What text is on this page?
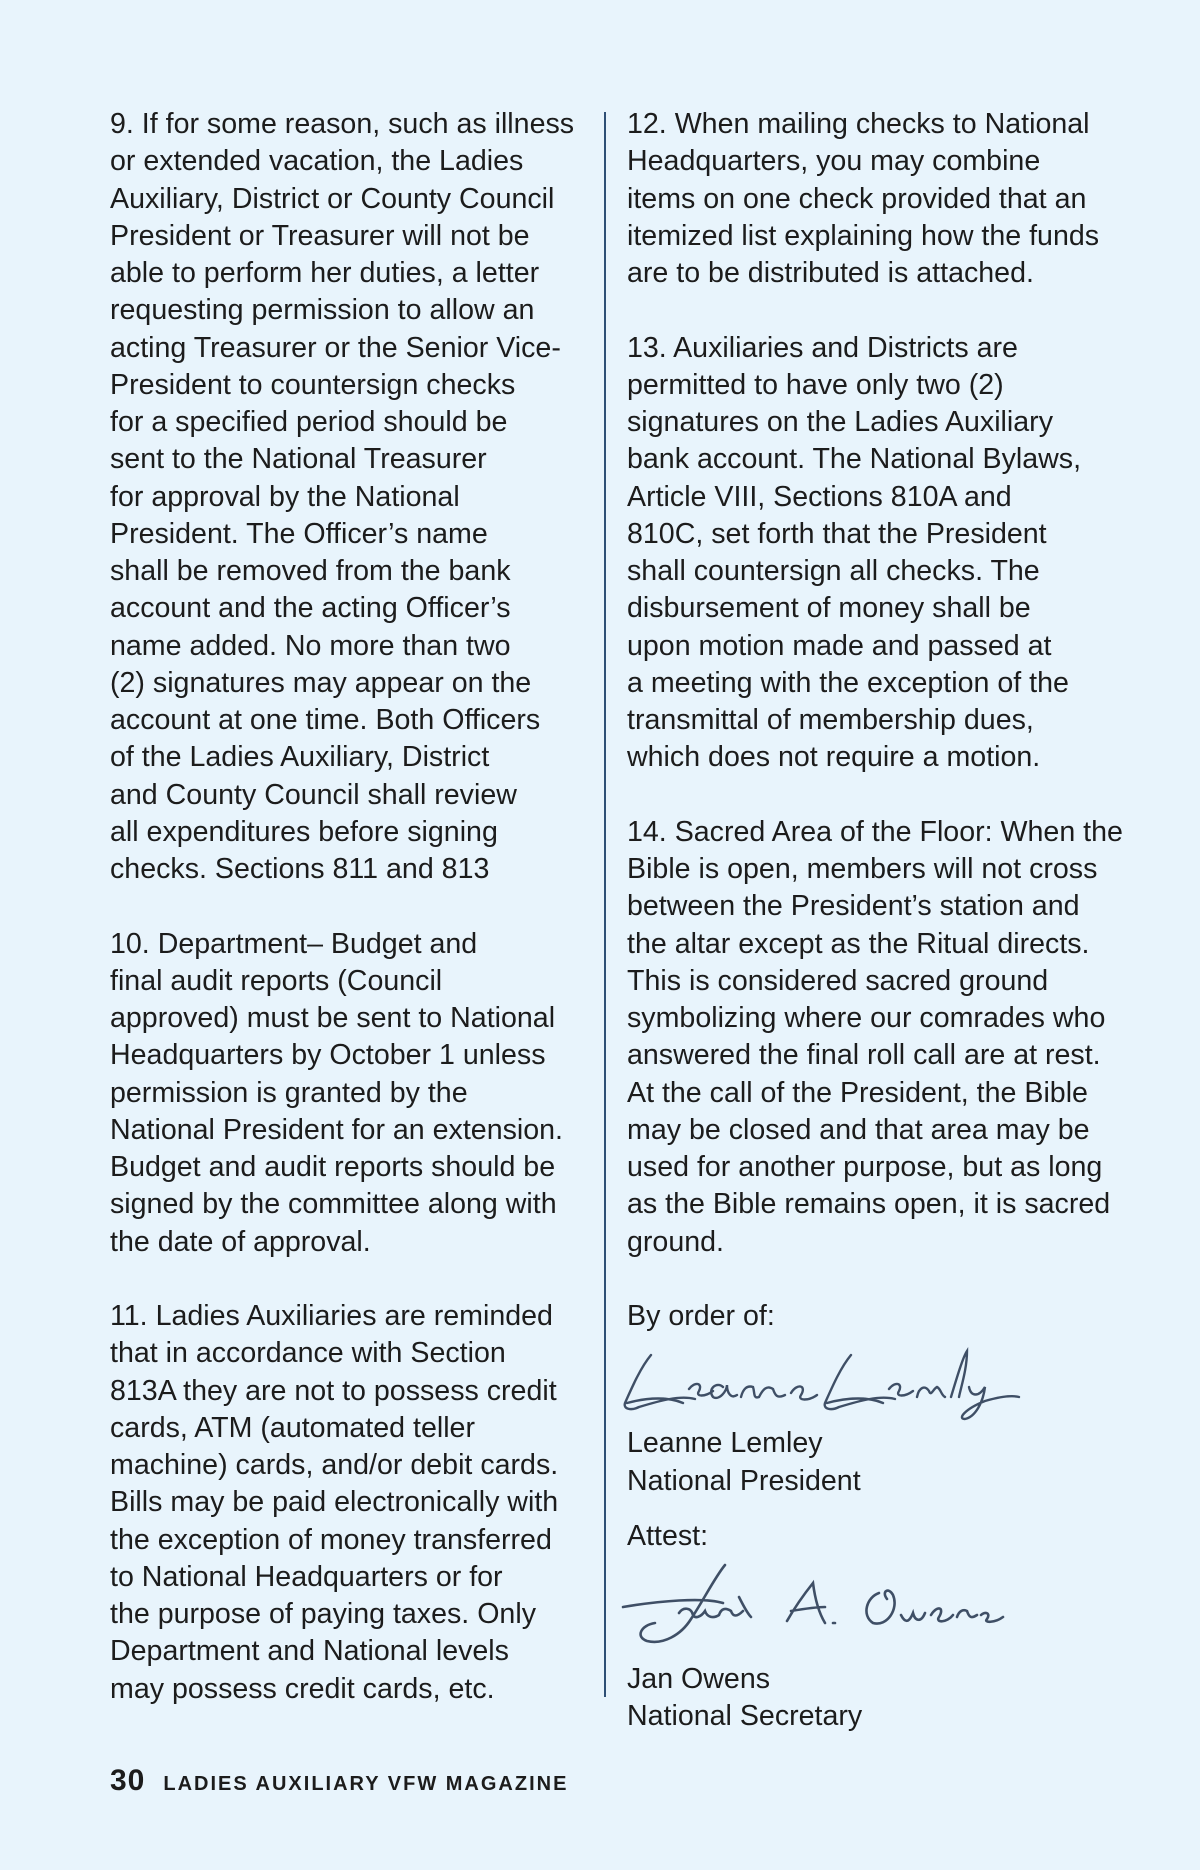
9. If for some reason, such as illness
or extended vacation, the Ladies
Auxiliary, District or County Council
President or Treasurer will not be
able to perform her duties, a letter
requesting permission to allow an
acting Treasurer or the Senior Vice-
President to countersign checks
for a specified period should be
sent to the National Treasurer
for approval by the National
President. The Officer’s name
shall be removed from the bank
account and the acting Officer’s
name added. No more than two
(2) signatures may appear on the
account at one time. Both Officers
of the Ladies Auxiliary, District
and County Council shall review
all expenditures before signing
checks. Sections 811 and 813

10. Department– Budget and
final audit reports (Council
approved) must be sent to National
Headquarters by October 1 unless
permission is granted by the
National President for an extension.
Budget and audit reports should be
signed by the committee along with
the date of approval.

11. Ladies Auxiliaries are reminded
that in accordance with Section
813A they are not to possess credit
cards, ATM (automated teller
machine) cards, and/or debit cards.
Bills may be paid electronically with
the exception of money transferred
to National Headquarters or for
the purpose of paying taxes. Only
Department and National levels
may possess credit cards, etc.

12. When mailing checks to National
Headquarters, you may combine
items on one check provided that an
itemized list explaining how the funds
are to be distributed is attached.

13. Auxiliaries and Districts are
permitted to have only two (2)
signatures on the Ladies Auxiliary
bank account. The National Bylaws,
Article VIII, Sections 810A and
810C, set forth that the President
shall countersign all checks. The
disbursement of money shall be
upon motion made and passed at
a meeting with the exception of the
transmittal of membership dues,
which does not require a motion.

14. Sacred Area of the Floor: When the
Bible is open, members will not cross
between the President’s station and
the altar except as the Ritual directs.
This is considered sacred ground
symbolizing where our comrades who
answered the final roll call are at rest.
At the call of the President, the Bible
may be closed and that area may be
used for another purpose, but as long
as the Bible remains open, it is sacred
ground.

By order of:

Leanne Lemley

National President

Attest:

Jan Owens

National Secretary

30 LADIES AUXILIARY VFW MAGAZINE
